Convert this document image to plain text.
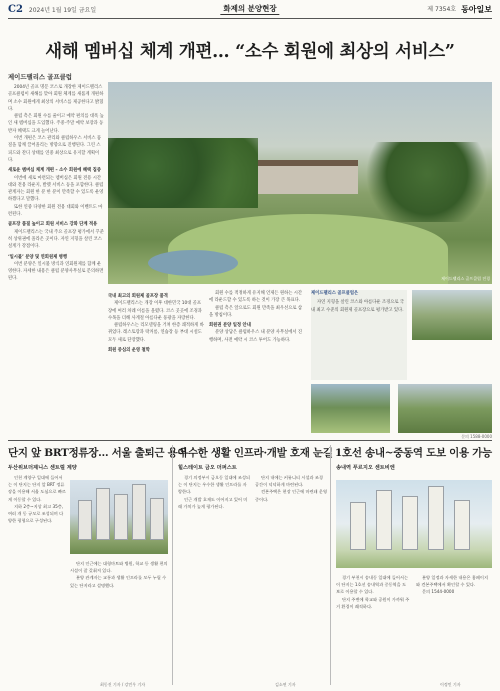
C2 2024년 1월 19일 금요일	화제의 분양현장	제 7354호 동아일보
새해 멤버십 체계 개편… “소수 회원에 최상의 서비스”
제이드팰리스 골프클럽

2004년 골프 명문 코스로 개장한 제이드팰리스 골프클럽이 새해를 맞아 회원 체계를 새롭게 개편하며 소수 회원에게 최상의 서비스를 제공한다고 밝혔다.

클럽 측은 회원 수를 줄이고 예약 편의를 대폭 높인 새 멤버십을 도입했다. 주중·주말 예약 보장과 동반자 혜택도 크게 늘어난다.

이번 개편은 코스 관리와 클럽하우스 서비스 품질을 함께 끌어올리는 방향으로 진행된다. 그린 스피드와 잔디 상태를 연중 최상으로 유지할 계획이다.

새로운 멤버십 체계 개편 – 소수 회원에 혜택 집중

이번에 새로 마련되는 멤버십은 회원 전용 시간대와 전용 라운지, 발렛 서비스 등을 포함한다. 클럽 관계자는 회원 한 분 한 분이 만족할 수 있도록 운영하겠다고 말했다.

또한 연중 다양한 회원 전용 대회와 이벤트도 마련된다.

골프장 품질 높이고 회원 서비스 강화 단계 적용

제이드팰리스는 국내 주요 골프장 평가에서 꾸준히 상위권에 올라온 곳이다. 자연 지형을 살린 코스 설계가 강점이다.

‘일시불’ 분양 및 연회원제 병행

이번 분양은 일시불 방식과 연회원제를 함께 운영한다. 자세한 내용은 클럽 분양사무실로 문의하면 된다.

국내 최고의 회원제 골프장 품격

제이드팰리스는 개장 이후 대한민국 10대 골프장에 여러 차례 이름을 올렸다. 코스 곳곳에 조경과 수목을 더해 사계절 아름다운 풍광을 자랑한다.

클럽하우스는 리모델링을 거쳐 한층 쾌적하게 바뀌었다. 레스토랑과 락커룸, 연습장 등 부대 시설도 모두 새로 단장했다.

회원 중심의 운영 철학

회원 수를 적정하게 유지해 언제든 원하는 시간에 라운드할 수 있도록 하는 것이 가장 큰 목표다.

클럽 측은 앞으로도 회원 만족을 최우선으로 삼을 방침이다.

회원권 분양 일정 안내

분양 상담은 클럽하우스 내 분양 사무실에서 진행하며, 사전 예약 시 코스 투어도 가능하다.

제이드팰리스 골프클럽은

자연 지형을 살린 코스와 아름다운 조경으로 국내 최고 수준의 회원제 골프장으로 평가받고 있다.

문의 1588-0000
제이드팰리스 골프클럽 전경
단지 앞 BRT정류장… 서울 출퇴근 용이
우수한 생활 인프라·개발 호재 눈길 1호선 송내~중동역 도보 이용 가능
두산위브더제니스 센트럴 계양

인천 계양구 일대에 들어서는 이 단지는 단지 앞 BRT 정류장을 이용해 서울 도심으로 빠르게 이동할 수 있다.

지하 2층~지상 최고 35층, 여러 개 동 규모로 조성되며 다양한 평형으로 구성된다.

단지 인근에는 대형마트와 병원, 학교 등 생활 편의시설이 잘 갖춰져 있다.

분양 관계자는 교통과 생활 인프라를 모두 누릴 수 있는 단지라고 설명했다.

최동진 기자 / 강민우 기자
힐스테이트 금오 더퍼스트

경기 의정부시 금오동 일대에 조성되는 이 단지는 우수한 생활 인프라를 자랑한다.

인근 개발 호재도 이어지고 있어 미래 가치가 높게 평가된다.

단지 내에는 커뮤니티 시설과 조경 공간이 넉넉하게 마련된다.

견본주택은 현장 인근에 마련돼 운영 중이다.

김소연 기자
송내역 푸르지오 센트비엔

경기 부천시 송내동 일대에 들어서는 이 단지는 1호선 송내역과 중동역을 도보로 이용할 수 있다.

단지 주변에 학교와 공원이 가까워 주거 환경이 쾌적하다.

분양 일정과 자세한 내용은 홈페이지와 견본주택에서 확인할 수 있다.

문의 1544-0000

이정민 기자
